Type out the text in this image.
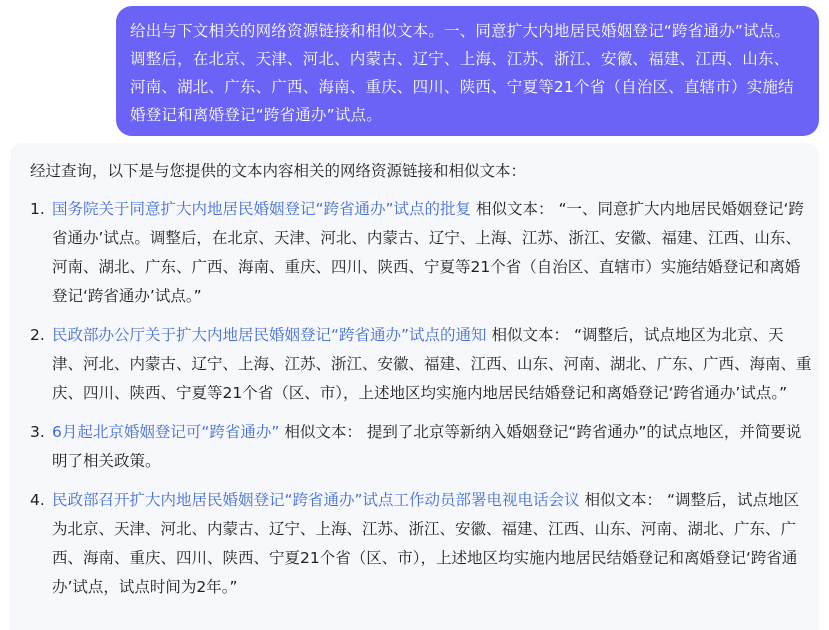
给出与下文相关的网络资源链接和相似文本。一、同意扩大内地居民婚姻登记“跨省通办”试点。调整后，在北京、天津、河北、内蒙古、辽宁、上海、江苏、浙江、安徽、福建、江西、山东、河南、湖北、广东、广西、海南、重庆、四川、陕西、宁夏等21个省（自治区、直辖市）实施结婚登记和离婚登记“跨省通办”试点。
经过查询，以下是与您提供的文本内容相关的网络资源链接和相似文本：
1. 国务院关于同意扩大内地居民婚姻登记“跨省通办”试点的批复 相似文本： “一、同意扩大内地居民婚姻登记‘跨省通办’试点。调整后，在北京、天津、河北、内蒙古、辽宁、上海、江苏、浙江、安徽、福建、江西、山东、河南、湖北、广东、广西、海南、重庆、四川、陕西、宁夏等21个省（自治区、直辖市）实施结婚登记和离婚登记‘跨省通办’试点。”
2. 民政部办公厅关于扩大内地居民婚姻登记“跨省通办”试点的通知 相似文本： “调整后，试点地区为北京、天津、河北、内蒙古、辽宁、上海、江苏、浙江、安徽、福建、江西、山东、河南、湖北、广东、广西、海南、重庆、四川、陕西、宁夏等21个省（区、市），上述地区均实施内地居民结婚登记和离婚登记‘跨省通办’试点。”
3. 6月起北京婚姻登记可“跨省通办” 相似文本： 提到了北京等新纳入婚姻登记“跨省通办”的试点地区，并简要说明了相关政策。
4. 民政部召开扩大内地居民婚姻登记“跨省通办”试点工作动员部署电视电话会议 相似文本： “调整后，试点地区为北京、天津、河北、内蒙古、辽宁、上海、江苏、浙江、安徽、福建、江西、山东、河南、湖北、广东、广西、海南、重庆、四川、陕西、宁夏21个省（区、市），上述地区均实施内地居民结婚登记和离婚登记‘跨省通办’试点，试点时间为2年。”
